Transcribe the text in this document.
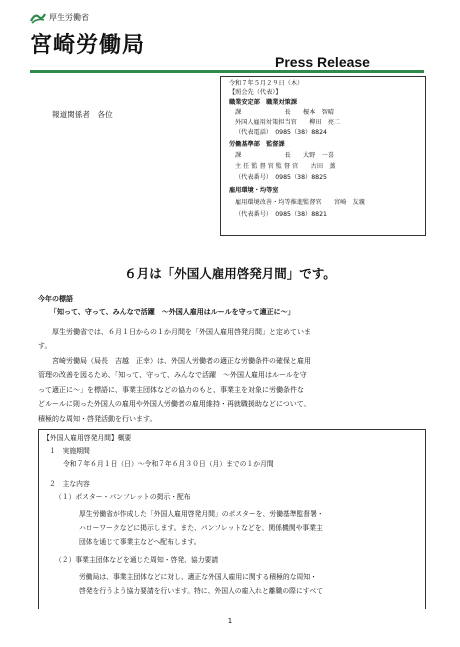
厚生労働省
宮崎労働局
Press Release
令和７年５月２９日（木）
【照会先（代表）】
職業安定部　職業対策課
課　　　　　　　長　　榎本　智晴
外国人雇用対策担当官　　柳田　亮二
（代表電話）　0985（38）8824
労働基準部　監督課
課　　　　　　　長　　大野　一喜
主 任 監 督 官 監 督 官　　古田　蒸
（代表番号）　0985（38）8825
雇用環境・均等室
雇用環境改善・均等推進監督官　　宮崎　友親
（代表番号）　0985（38）8821
報道関係者　各位
６月は「外国人雇用啓発月間」です。
今年の標語
「知って、守って、みんなで活躍　～外国人雇用はルールを守って適正に～」
厚生労働省では、６月１日からの１か月間を「外国人雇用啓発月間」と定めていま
す。
宮崎労働局（局長　吉越　正幸）は、外国人労働者の適正な労働条件の確保と雇用
管理の改善を図るため、「知って、守って、みんなで活躍　～外国人雇用はルールを守
って適正に～」を標語に、事業主団体などの協力のもと、事業主を対象に労働条件な
どルールに則った外国人の雇用や外国人労働者の雇用維持・再就職援助などについて、
積極的な周知・啓発活動を行います。
【外国人雇用啓発月間】概要
１　実施期間
令和７年６月１日（日）～令和７年６月３０日（月）までの１か月間
２　主な内容
（１）ポスター・パンフレットの掲示・配布
厚生労働省が作成した「外国人雇用啓発月間」のポスターを、労働基準監督署・
ハローワークなどに掲示します。また、パンフレットなどを、関係機関や事業主
団体を通じて事業主などへ配布します。
（２）事業主団体などを通じた周知・啓発、協力要請
労働局は、事業主団体などに対し、適正な外国人雇用に関する積極的な周知・
啓発を行うよう協力要請を行います。特に、外国人の雇入れと離職の際にすべて
1
